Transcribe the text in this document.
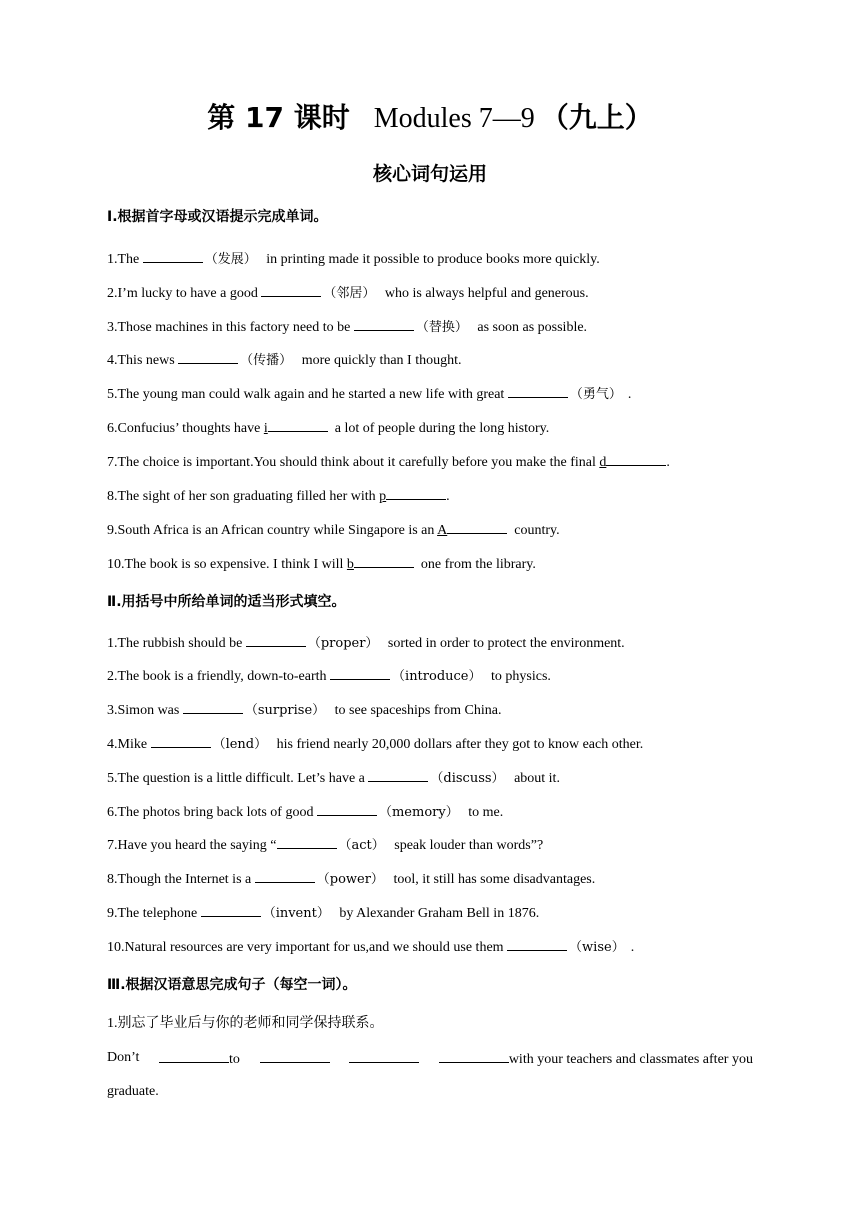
第 17 课时 Modules 7—9 （九上）
核心词句运用
Ⅰ.根据首字母或汉语提示完成单词。
1.The	（发展） in printing made it possible to produce books more quickly.
2.I’m lucky to have a good	（邻居） who is always helpful and generous.
3.Those machines in this factory need to be	（替换） as soon as possible.
4.This news	（传播） more quickly than I thought.
5.The young man could walk again and he started a new life with great	（勇气） .
6.Confucius’ thoughts have i	a lot of people during the long history.
7.The choice is important.You should think about it carefully before you make the final d	.
8.The sight of her son graduating filled her with p	.
9.South Africa is an African country while Singapore is an A	country.
10.The book is so expensive. I think I will b	one from the library.
Ⅱ.用括号中所给单词的适当形式填空。
1.The rubbish should be	（proper） sorted in order to protect the environment.
2.The book is a friendly, down-to-earth	（introduce） to physics.
3.Simon was	（surprise） to see spaceships from China.
4.Mike	（lend） his friend nearly 20,000 dollars after they got to know each other.
5.The question is a little difficult. Let’s have a	（discuss） about it.
6.The photos bring back lots of good	（memory） to me.
7.Have you heard the saying “	（act） speak louder than words”?
8.Though the Internet is a	（power） tool, it still has some disadvantages.
9.The telephone	（invent） by Alexander Graham Bell in 1876.
10.Natural resources are very important for us,and we should use them	（wise） .
Ⅲ.根据汉语意思完成句子（每空一词）。
1.别忘了毕业后与你的老师和同学保持联系。
Don’t	to	with your teachers and classmates after you
graduate.
